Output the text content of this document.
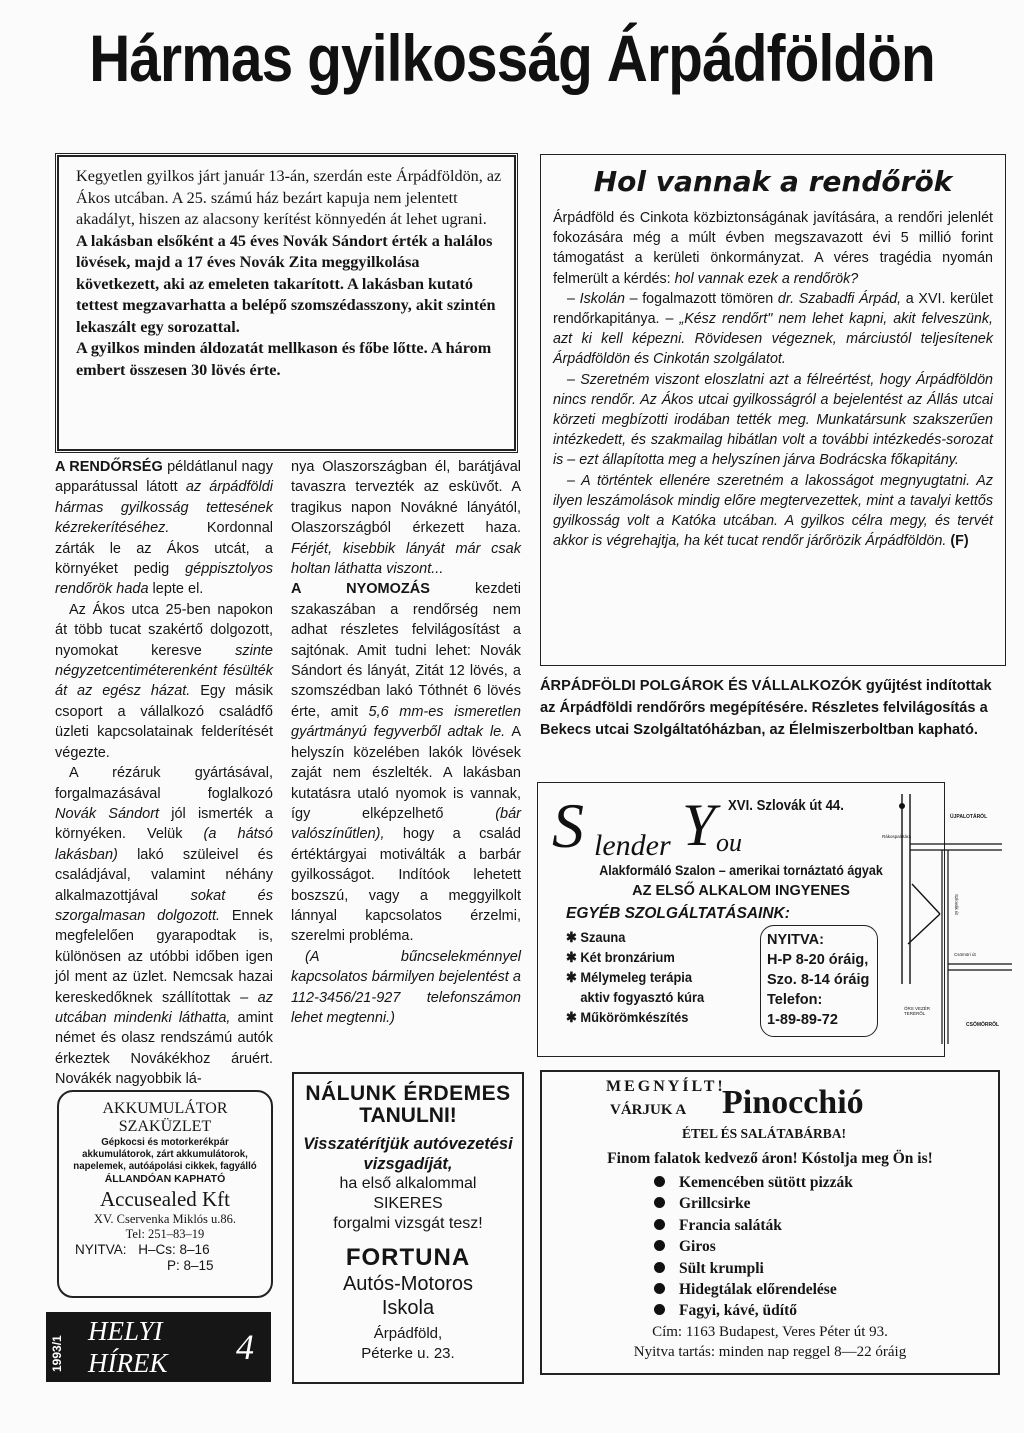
Hármas gyilkosság Árpádföldön

Kegyetlen gyilkos járt január 13-án, szerdán este Árpádföldön, az Ákos utcában. A 25. számú ház bezárt kapuja nem jelentett akadályt, hiszen az alacsony kerítést könnyedén át lehet ugrani.

A lakásban elsőként a 45 éves Novák Sándort érték a halálos lövések, majd a 17 éves Novák Zita meggyilkolása következett, aki az emeleten takarított. A lakásban kutató tettest megzavarhatta a belépő szomszédasszony, akit szintén lekaszált egy sorozattal.

A gyilkos minden áldozatát mellkason és főbe lőtte. A három embert összesen 30 lövés érte.

A RENDŐRSÉG példátlanul nagy apparátussal látott az árpádföldi hármas gyilkosság tettesének kézrekerítéséhez. Kordonnal zárták le az Ákos utcát, a környéket pedig géppisztolyos rendőrök hada lepte el.

Az Ákos utca 25-ben napokon át több tucat szakértő dolgozott, nyomokat keresve szinte négyzetcentiméterenként fésülték át az egész házat. Egy másik csoport a vállalkozó családfő üzleti kapcsolatainak felderítését végezte.

A rézáruk gyártásával, forgalmazásával foglalkozó Novák Sándort jól ismerték a környéken. Velük (a hátsó lakásban) lakó szüleivel és családjával, valamint néhány alkalmazottjával sokat és szorgalmasan dolgozott. Ennek megfelelően gyarapodtak is, különösen az utóbbi időben igen jól ment az üzlet. Nemcsak hazai kereskedőknek szállítottak – az utcában mindenki láthatta, amint német és olasz rendszámú autók érkeztek Novákékhoz áruért. Novákék nagyobbik lá-

nya Olaszországban él, barátjával tavaszra tervezték az esküvőt. A tragikus napon Novákné lányától, Olaszországból érkezett haza. Férjét, kisebbik lányát már csak holtan láthatta viszont...

A NYOMOZÁS kezdeti szakaszában a rendőrség nem adhat részletes felvilágosítást a sajtónak. Amit tudni lehet: Novák Sándort és lányát, Zitát 12 lövés, a szomszédban lakó Tóthnét 6 lövés érte, amit 5,6 mm-es ismeretlen gyártmányú fegyverből adtak le. A helyszín közelében lakók lövések zaját nem észlelték. A lakásban kutatásra utaló nyomok is vannak, így elképzelhető (bár valószínűtlen), hogy a család értéktárgyai motiválták a barbár gyilkosságot. Indítóok lehetett boszszú, vagy a meggyilkolt lánnyal kapcsolatos érzelmi, szerelmi probléma.

(A bűncselekménnyel kapcsolatos bármilyen bejelentést a 112-3456/21-927 telefonszámon lehet megtenni.)

Hol vannak a rendőrök

Árpádföld és Cinkota közbiztonságának javítására, a rendőri jelenlét fokozására még a múlt évben megszavazott évi 5 millió forint támogatást a kerületi önkormányzat. A véres tragédia nyomán felmerült a kérdés: hol vannak ezek a rendőrök?

– Iskolán – fogalmazott tömören dr. Szabadfi Árpád, a XVI. kerület rendőrkapitánya. – „Kész rendőrt" nem lehet kapni, akit felveszünk, azt ki kell képezni. Rövidesen végeznek, márciustól teljesítenek Árpádföldön és Cinkotán szolgálatot.

– Szeretném viszont eloszlatni azt a félreértést, hogy Árpádföldön nincs rendőr. Az Ákos utcai gyilkosságról a bejelentést az Állás utcai körzeti megbízotti irodában tették meg. Munkatársunk szakszerűen intézkedett, és szakmailag hibátlan volt a további intézkedés-sorozat is – ezt állapította meg a helyszínen járva Bodrácska főkapitány.

– A történtek ellenére szeretném a lakosságot megnyugtatni. Az ilyen leszámolások mindig előre megtervezettek, mint a tavalyi kettős gyilkosság volt a Katóka utcában. A gyilkos célra megy, és tervét akkor is végrehajtja, ha két tucat rendőr járőrözik Árpádföldön. (F)

ÁRPÁDFÖLDI POLGÁROK ÉS VÁLLALKOZÓK gyűjtést indítottak az Árpádföldi rendőrőrs megépítésére. Részletes felvilágosítás a Bekecs utcai Szolgáltatóházban, az Élelmiszerboltban kapható.
S lender Y ou
XVI. Szlovák út 44.
Alakformáló Szalon – amerikai tornáztató ágyak
AZ ELSŐ ALKALOM INGYENES
EGYÉB SZOLGÁLTATÁSAINK:
✱ Szauna
✱ Két bronzárium
✱ Mélymeleg terápia aktiv fogyasztó kúra
✱ Műkörömkészítés
NYITVA:
H-P 8-20 óráig,
Szo. 8-14 óráig
Telefon:
1-89-89-72
ÚJPALOTÁRÓL
Rákospalotára
Szlovák út
Csömöri út
ÖRS VEZÉR TERÉRŐL
CSÖMÖRRŐL
MEGNYÍLT!
VÁRJUK A Pinocchió
ÉTEL ÉS SALÁTABÁRBA!
Finom falatok kedvező áron! Kóstolja meg Ön is!
Kemencében sütött pizzák
Grillcsirke
Francia saláták
Giros
Sült krumpli
Hidegtálak előrendelése
Fagyi, kávé, üdítő
Cím: 1163 Budapest, Veres Péter út 93.
Nyitva tartás: minden nap reggel 8—22 óráig
AKKUMULÁTOR
SZAKÜZLET
Gépkocsi és motorkerékpár akkumulátorok, zárt akkumulátorok, napelemek, autóápolási cikkek, fagyálló
ÁLLANDÓAN KAPHATÓ
Accusealed Kft
XV. Cservenka Miklós u.86.
Tel: 251–83–19
NYITVA: H–Cs: 8–16
P: 8–15
NÁLUNK ÉRDEMES
TANULNI!
Visszatérítjük autóvezetési vizsgadíját,
ha első alkalommal
SIKERES
forgalmi vizsgát tesz!
FORTUNA
Autós-Motoros
Iskola
Árpádföld,
Péterke u. 23.
1993/1
HELYI
HÍREK 4
